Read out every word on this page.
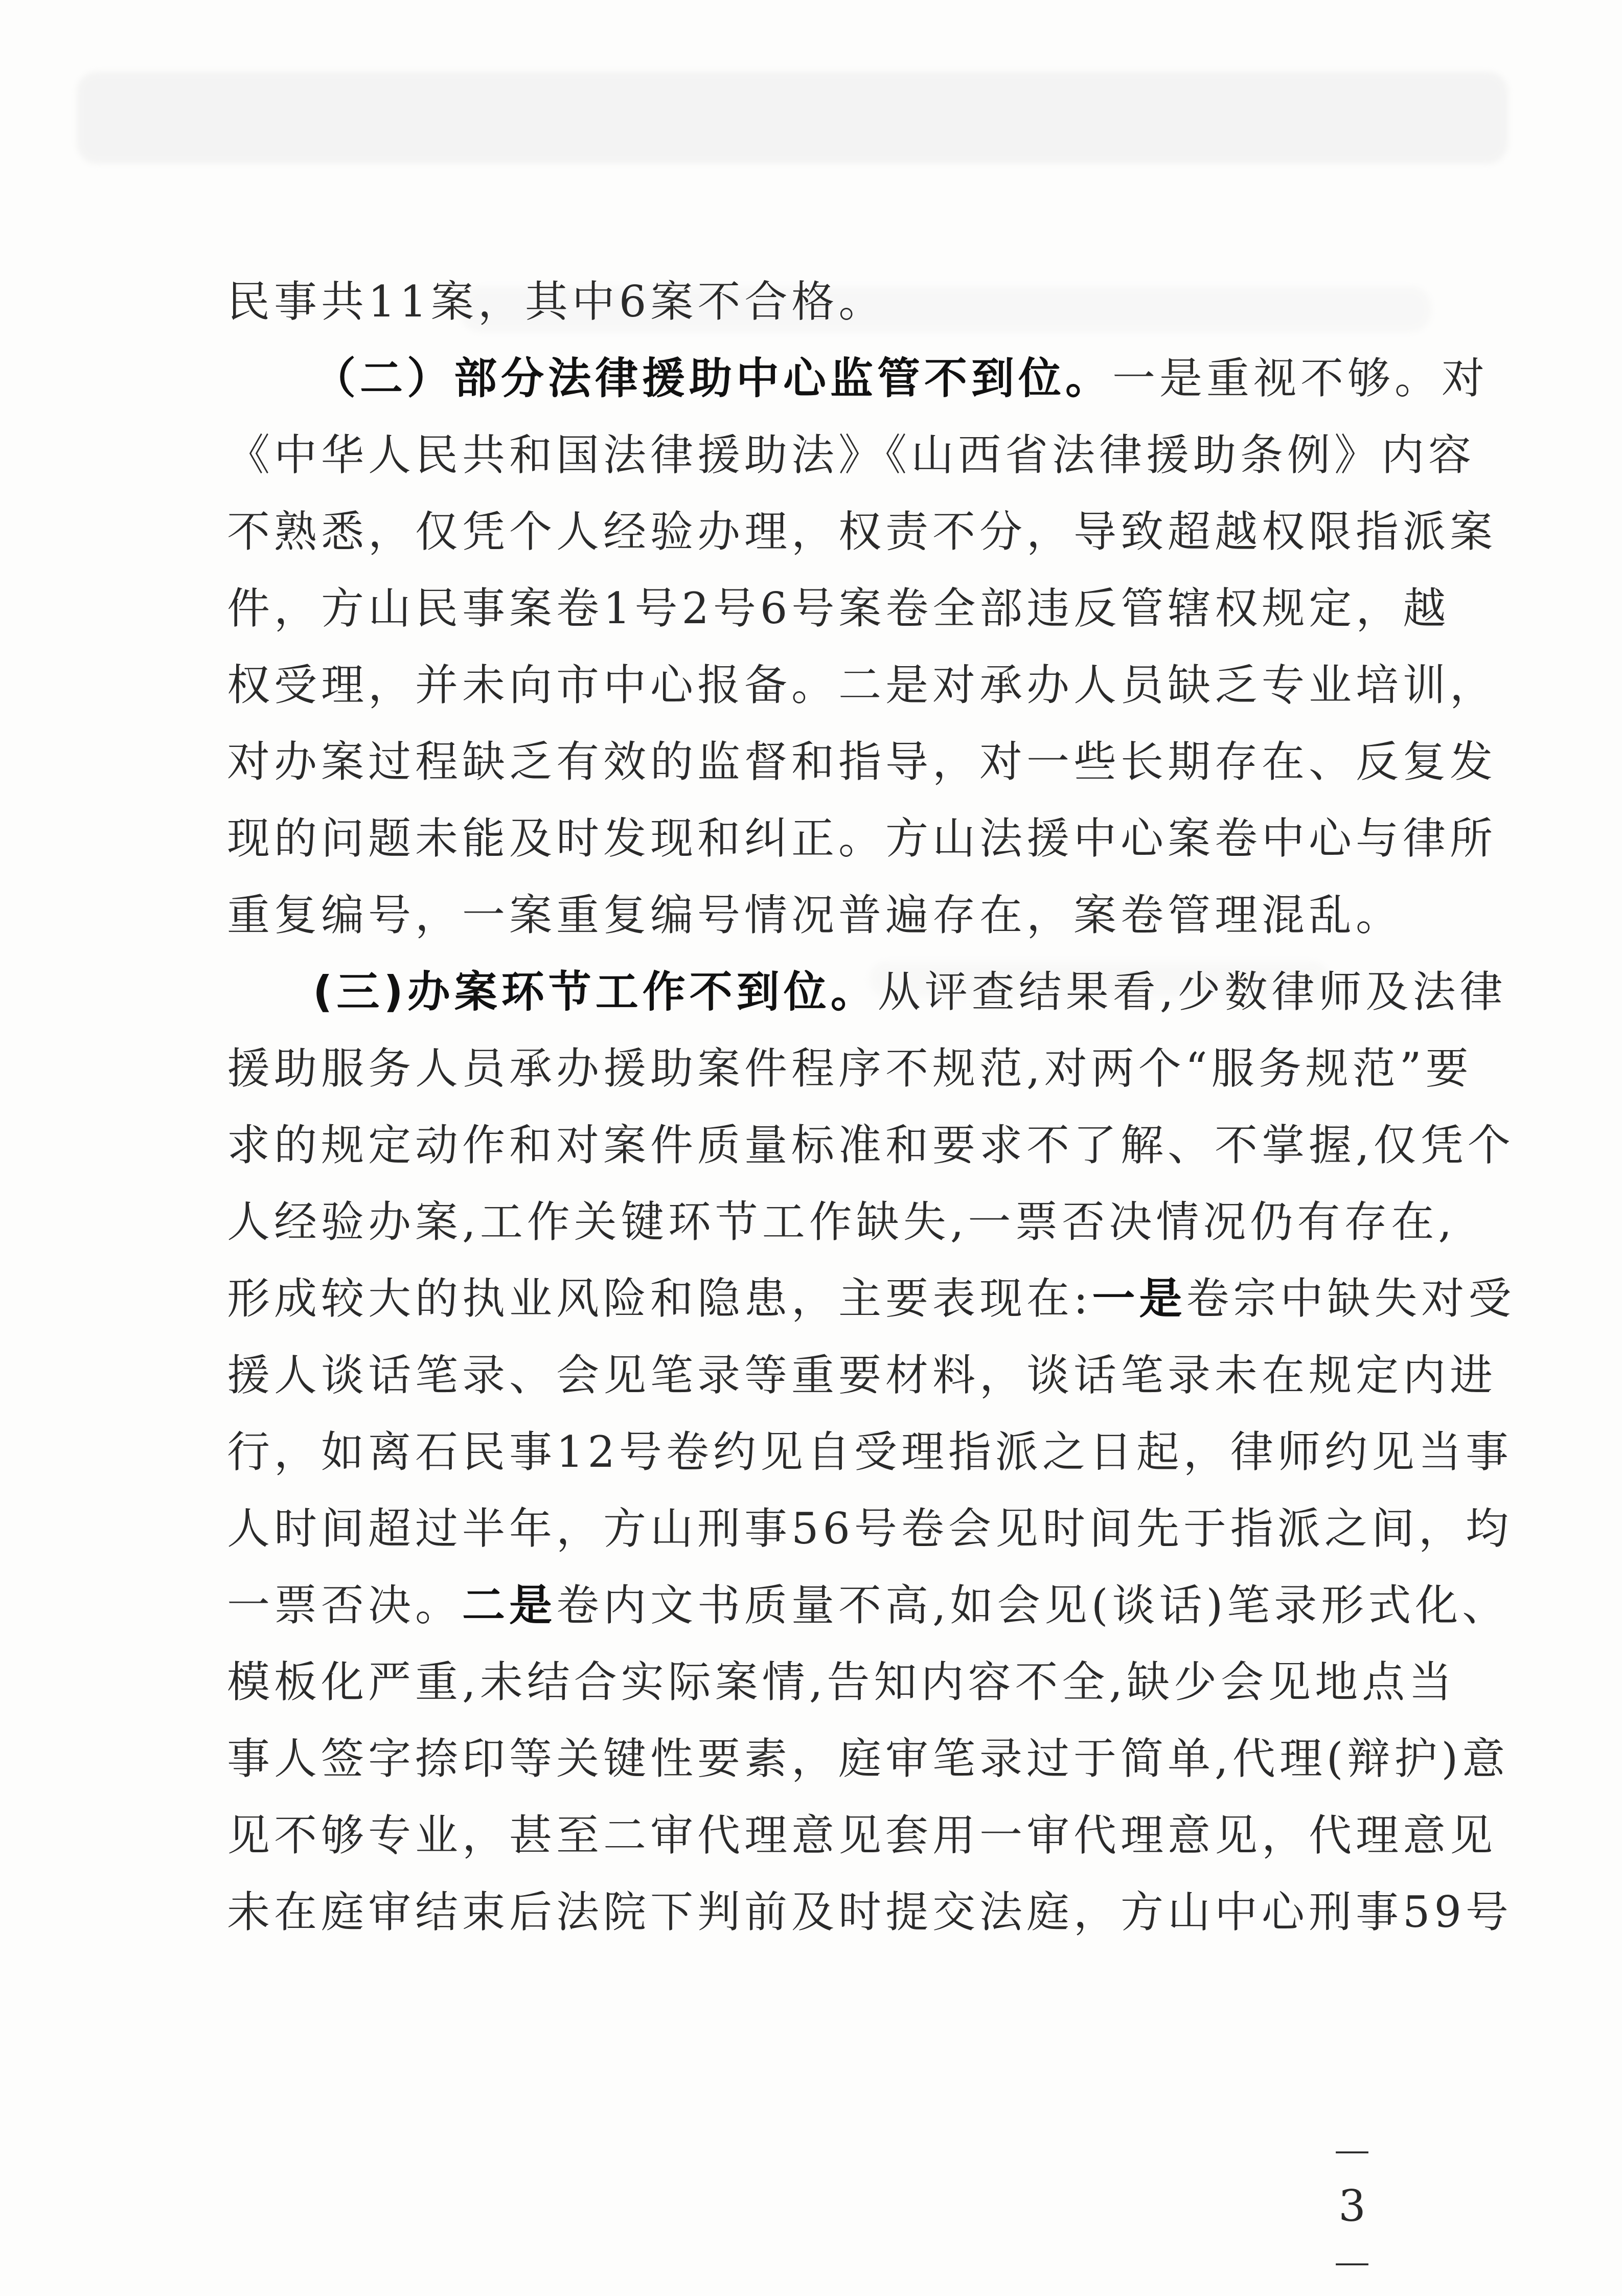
民事共11案，其中6案不合格。
（二）部分法律援助中心监管不到位。一是重视不够。对
《中华人民共和国法律援助法》《山西省法律援助条例》内容
不熟悉，仅凭个人经验办理，权责不分，导致超越权限指派案
件，方山民事案卷1号2号6号案卷全部违反管辖权规定，越
权受理，并未向市中心报备。二是对承办人员缺乏专业培训，
对办案过程缺乏有效的监督和指导，对一些长期存在、反复发
现的问题未能及时发现和纠正。方山法援中心案卷中心与律所
重复编号，一案重复编号情况普遍存在，案卷管理混乱。
(三)办案环节工作不到位。从评查结果看,少数律师及法律
援助服务人员承办援助案件程序不规范,对两个“服务规范”要
求的规定动作和对案件质量标准和要求不了解、不掌握,仅凭个
人经验办案,工作关键环节工作缺失,一票否决情况仍有存在,
形成较大的执业风险和隐患，主要表现在:一是卷宗中缺失对受
援人谈话笔录、会见笔录等重要材料，谈话笔录未在规定内进
行，如离石民事12号卷约见自受理指派之日起，律师约见当事
人时间超过半年，方山刑事56号卷会见时间先于指派之间，均
一票否决。二是卷内文书质量不高,如会见(谈话)笔录形式化、
模板化严重,未结合实际案情,告知内容不全,缺少会见地点当
事人签字捺印等关键性要素，庭审笔录过于简单,代理(辩护)意
见不够专业，甚至二审代理意见套用一审代理意见，代理意见
未在庭审结束后法院下判前及时提交法庭，方山中心刑事59号
－ 3 －
